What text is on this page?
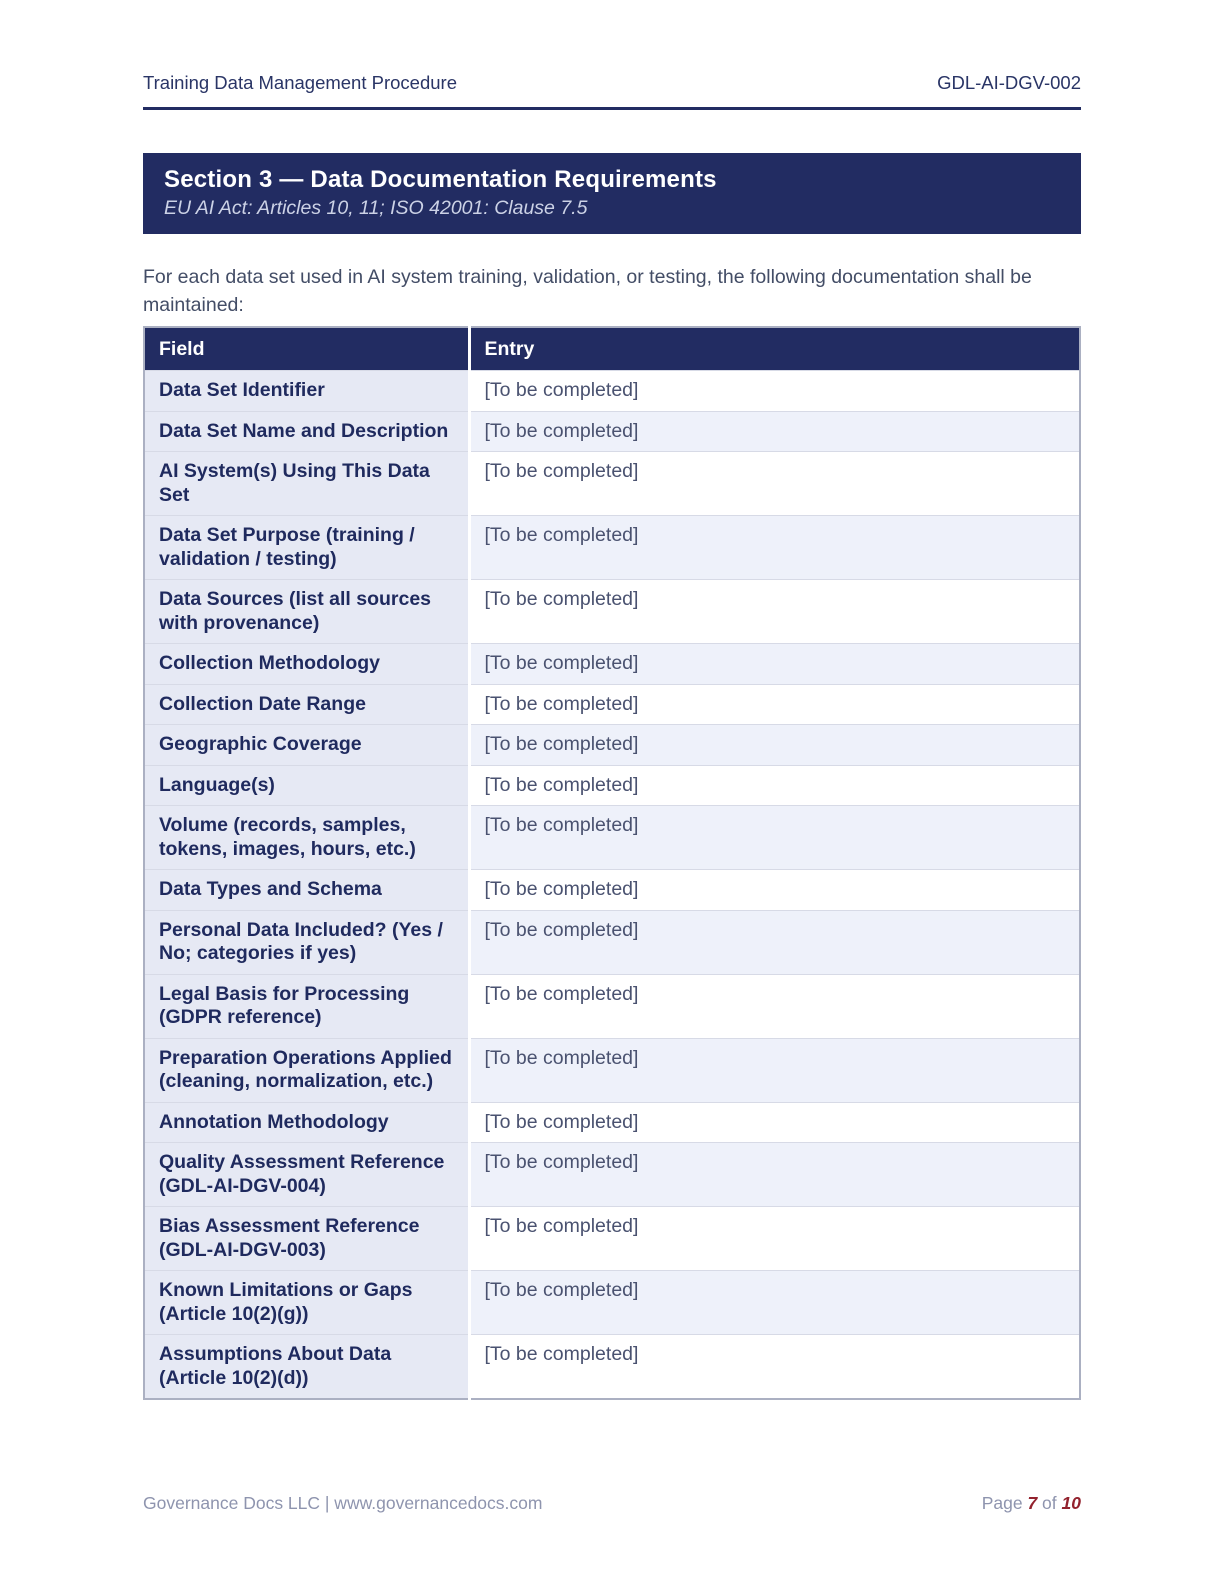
Training Data Management Procedure	GDL-AI-DGV-002
Section 3 — Data Documentation Requirements
EU AI Act: Articles 10, 11; ISO 42001: Clause 7.5

For each data set used in AI system training, validation, or testing, the following documentation shall be maintained:

Field	Entry
Data Set Identifier	[To be completed]
Data Set Name and Description	[To be completed]
AI System(s) Using This Data Set	[To be completed]
Data Set Purpose (training / validation / testing)	[To be completed]
Data Sources (list all sources with provenance)	[To be completed]
Collection Methodology	[To be completed]
Collection Date Range	[To be completed]
Geographic Coverage	[To be completed]
Language(s)	[To be completed]
Volume (records, samples, tokens, images, hours, etc.)	[To be completed]
Data Types and Schema	[To be completed]
Personal Data Included? (Yes / No; categories if yes)	[To be completed]
Legal Basis for Processing (GDPR reference)	[To be completed]
Preparation Operations Applied (cleaning, normalization, etc.)	[To be completed]
Annotation Methodology	[To be completed]
Quality Assessment Reference (GDL-AI-DGV-004)	[To be completed]
Bias Assessment Reference (GDL-AI-DGV-003)	[To be completed]
Known Limitations or Gaps (Article 10(2)(g))	[To be completed]
Assumptions About Data (Article 10(2)(d))	[To be completed]
Governance Docs LLC | www.governancedocs.com	Page 7 of 10
